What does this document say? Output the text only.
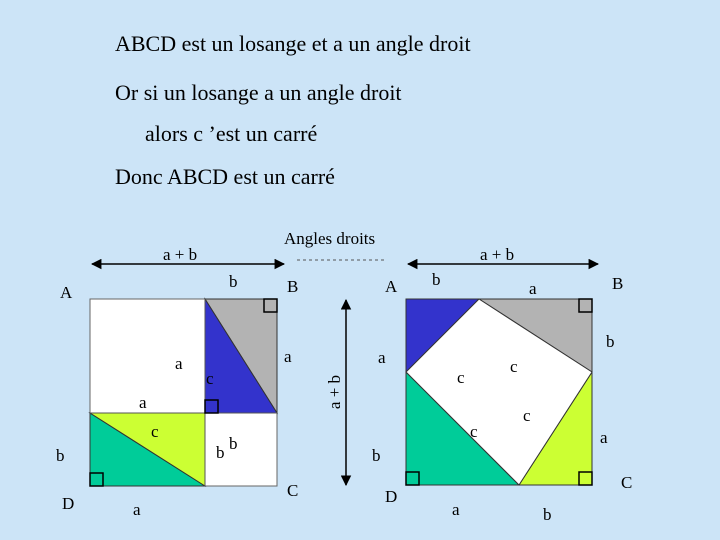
ABCD est un losange et a un angle droit
Or si un losange a un angle droit
alors c ’est un carré
Donc ABCD est un carré
Angles droits
a + b
A	B
C
D
b
a	a
c
a
c
b
b
b
a
a + b
a + b
A	B
C
D
b	a
b
a	c
c
c
c	a
b
a	b
